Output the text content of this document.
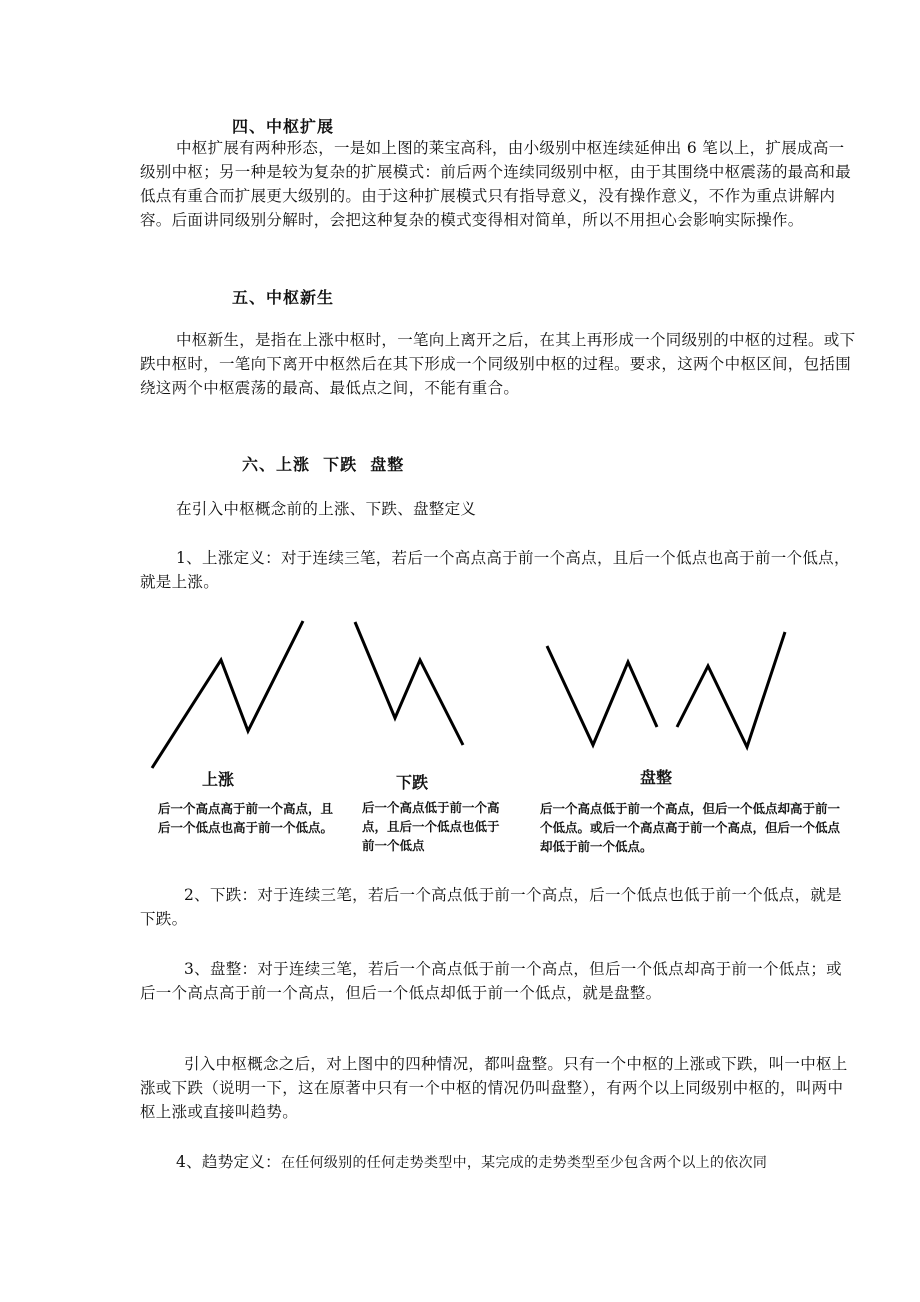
四、中枢扩展
中枢扩展有两种形态，一是如上图的莱宝高科，由小级别中枢连续延伸出 6 笔以上，扩展成高一级别中枢；另一种是较为复杂的扩展模式：前后两个连续同级别中枢，由于其围绕中枢震荡的最高和最低点有重合而扩展更大级别的。由于这种扩展模式只有指导意义，没有操作意义，不作为重点讲解内容。后面讲同级别分解时，会把这种复杂的模式变得相对简单，所以不用担心会影响实际操作。
五、中枢新生
中枢新生，是指在上涨中枢时，一笔向上离开之后，在其上再形成一个同级别的中枢的过程。或下跌中枢时，一笔向下离开中枢然后在其下形成一个同级别中枢的过程。要求，这两个中枢区间，包括围绕这两个中枢震荡的最高、最低点之间，不能有重合。
六、上涨  下跌  盘整
在引入中枢概念前的上涨、下跌、盘整定义
1、上涨定义：对于连续三笔，若后一个高点高于前一个高点，且后一个低点也高于前一个低点，就是上涨。
上涨
后一个高点高于前一个高点，且后一个低点也高于前一个低点。
下跌
后一个高点低于前一个高点，且后一个低点也低于前一个低点
盘整
后一个高点低于前一个高点，但后一个低点却高于前一个低点。或后一个高点高于前一个高点，但后一个低点却低于前一个低点。
2、下跌：对于连续三笔，若后一个高点低于前一个高点，后一个低点也低于前一个低点，就是下跌。
3、盘整：对于连续三笔，若后一个高点低于前一个高点，但后一个低点却高于前一个低点；或后一个高点高于前一个高点，但后一个低点却低于前一个低点，就是盘整。
引入中枢概念之后，对上图中的四种情况，都叫盘整。只有一个中枢的上涨或下跌，叫一中枢上涨或下跌（说明一下，这在原著中只有一个中枢的情况仍叫盘整），有两个以上同级别中枢的，叫两中枢上涨或直接叫趋势。
4、趋势定义：在任何级别的任何走势类型中，某完成的走势类型至少包含两个以上的依次同
